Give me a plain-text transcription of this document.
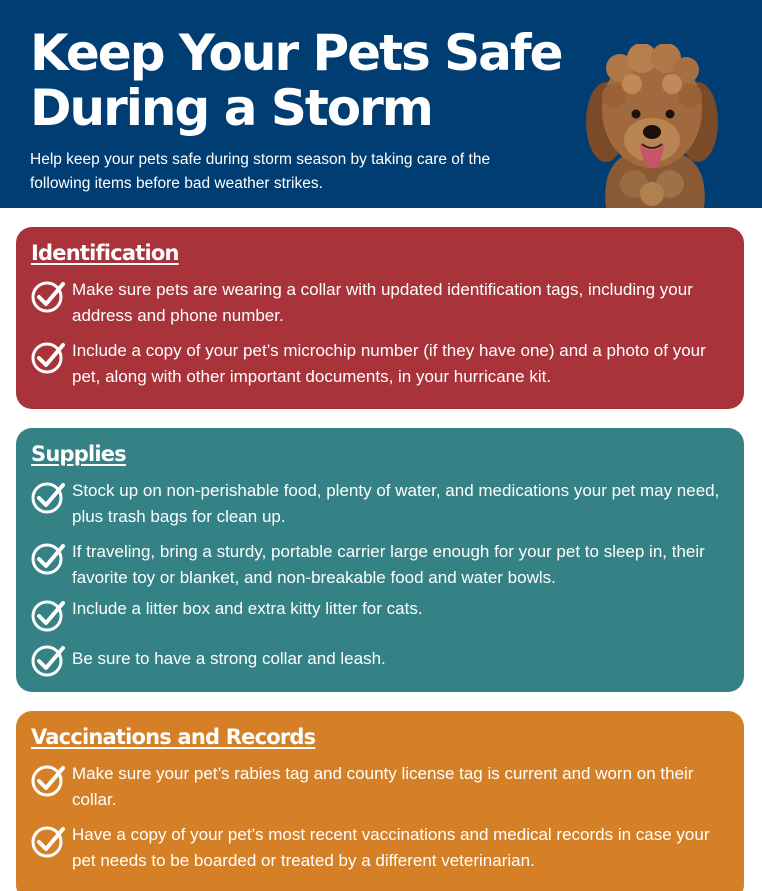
Keep Your Pets Safe During a Storm

Help keep your pets safe during storm season by taking care of the following items before bad weather strikes.

Identification

Make sure pets are wearing a collar with updated identification tags, including your address and phone number.

Include a copy of your pet’s microchip number (if they have one) and a photo of your pet, along with other important documents, in your hurricane kit.

Supplies

Stock up on non-perishable food, plenty of water, and medications your pet may need, plus trash bags for clean up.

If traveling, bring a sturdy, portable carrier large enough for your pet to sleep in, their favorite toy or blanket, and non-breakable food and water bowls.

Include a litter box and extra kitty litter for cats.

Be sure to have a strong collar and leash.

Vaccinations and Records

Make sure your pet’s rabies tag and county license tag is current and worn on their collar.

Have a copy of your pet’s most recent vaccinations and medical records in case your pet needs to be boarded or treated by a different veterinarian.
